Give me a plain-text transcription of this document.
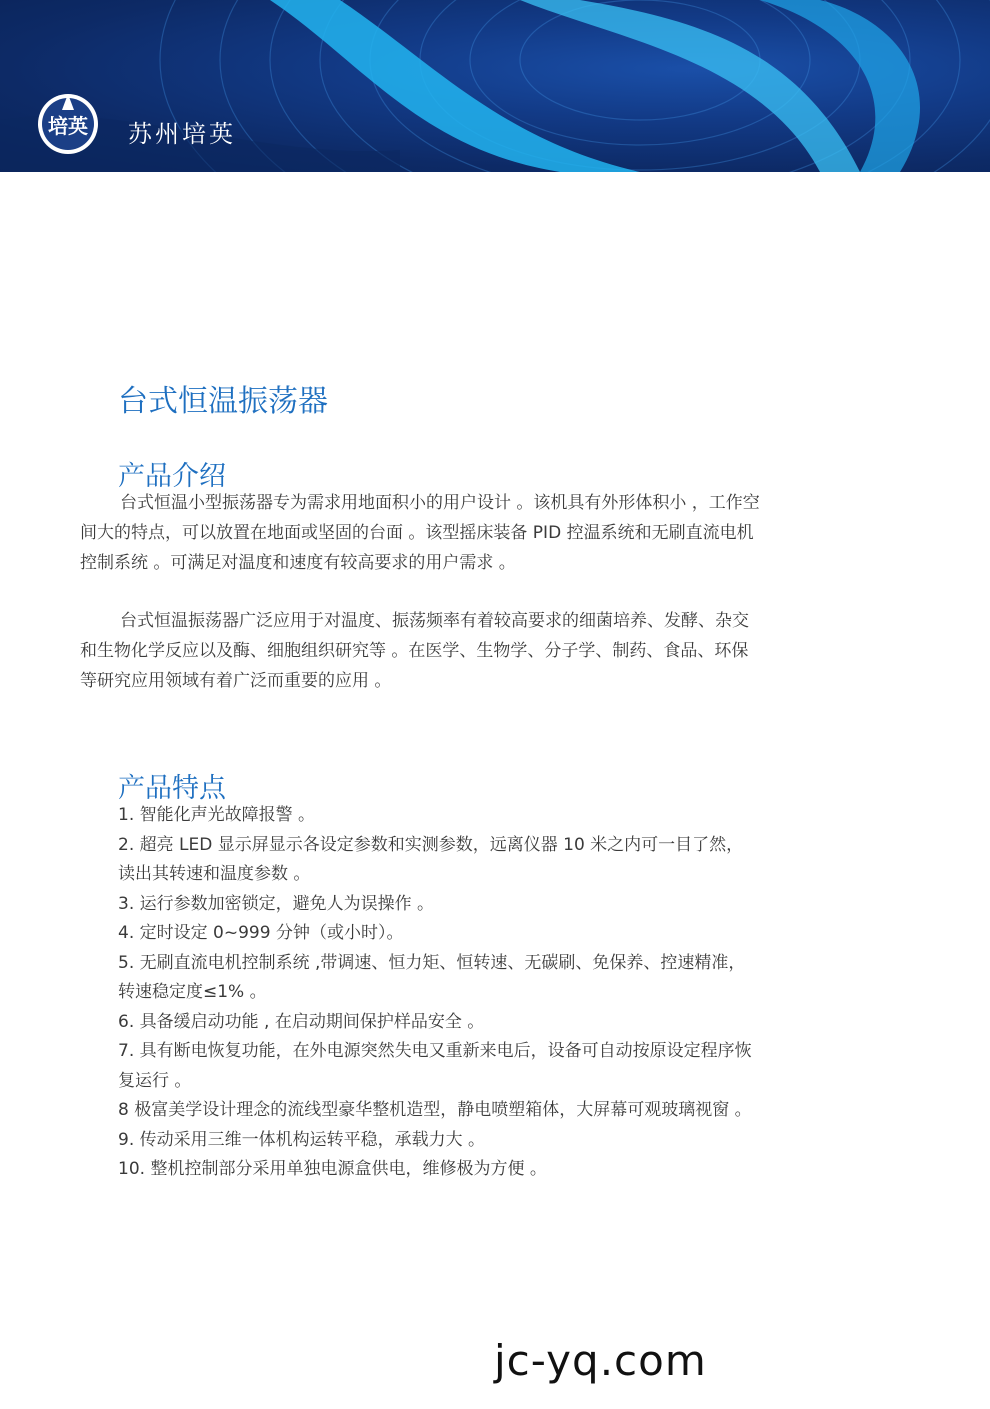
培英 苏州培英
台式恒温振荡器
产品介绍

台式恒温小型振荡器专为需求用地面积小的用户设计 。该机具有外形体积小 ，工作空间大的特点，可以放置在地面或坚固的台面 。该型摇床装备 PID 控温系统和无刷直流电机控制系统 。可满足对温度和速度有较高要求的用户需求 。

台式恒温振荡器广泛应用于对温度、振荡频率有着较高要求的细菌培养、发酵、杂交和生物化学反应以及酶、细胞组织研究等 。在医学、生物学、分子学、制药、食品、环保等研究应用领域有着广泛而重要的应用 。

产品特点
1. 智能化声光故障报警 。
2. 超亮 LED 显示屏显示各设定参数和实测参数，远离仪器 10 米之内可一目了然，读出其转速和温度参数 。
3. 运行参数加密锁定，避免人为误操作 。
4. 定时设定 0~999 分钟（或小时）。
5. 无刷直流电机控制系统 ,带调速、恒力矩、恒转速、无碳刷、免保养、控速精准，转速稳定度≤1% 。
6. 具备缓启动功能 , 在启动期间保护样品安全 。
7. 具有断电恢复功能，在外电源突然失电又重新来电后，设备可自动按原设定程序恢复运行 。
8 极富美学设计理念的流线型豪华整机造型，静电喷塑箱体，大屏幕可观玻璃视窗 。
9. 传动采用三维一体机构运转平稳，承载力大 。
10. 整机控制部分采用单独电源盒供电，维修极为方便 。
jc-yq.com
